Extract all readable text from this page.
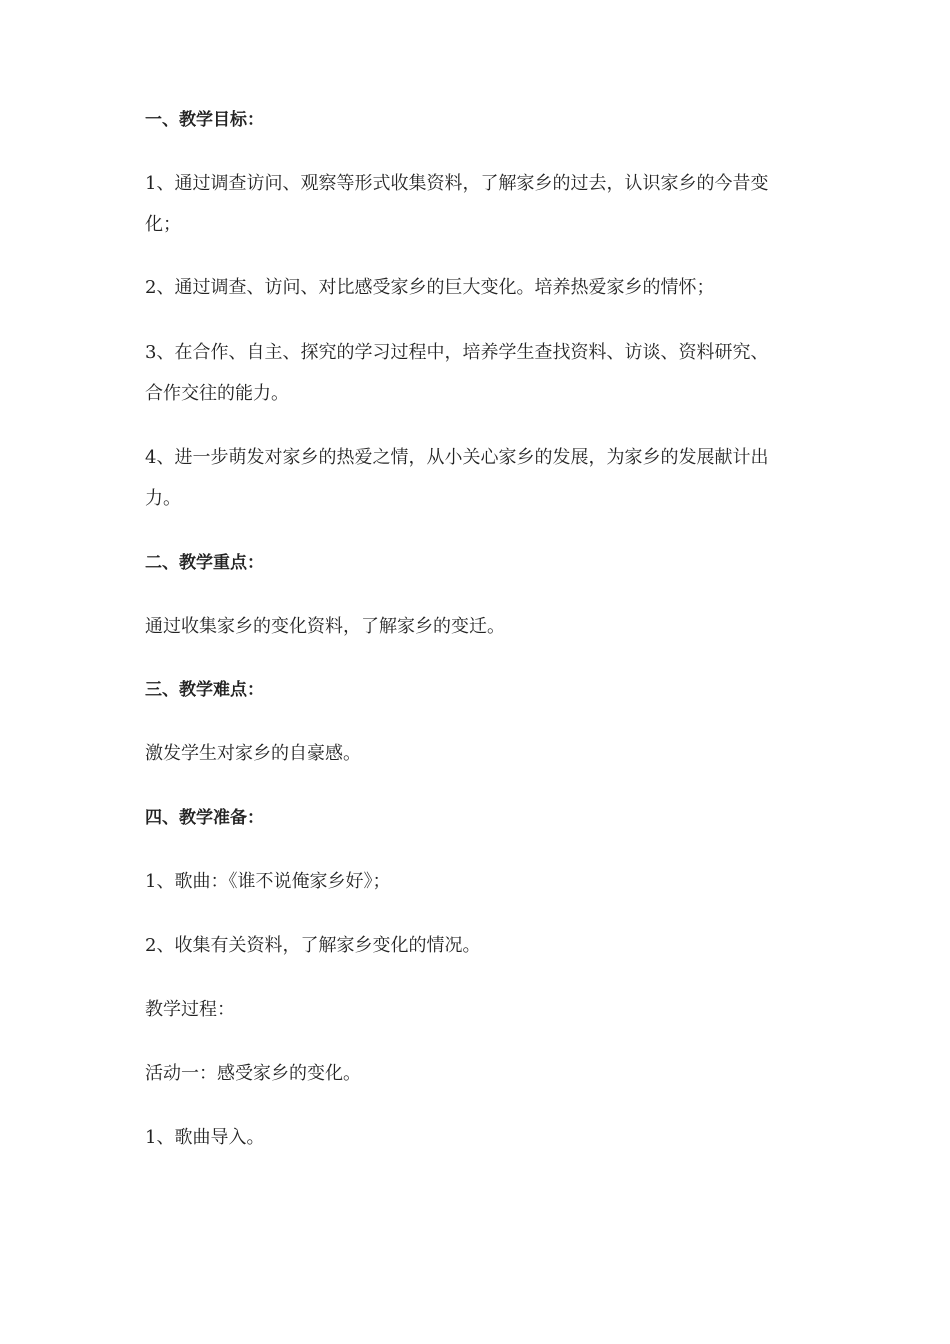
一、教学目标：

1、通过调查访问、观察等形式收集资料，了解家乡的过去，认识家乡的今昔变

化；

2、通过调查、访问、对比感受家乡的巨大变化。培养热爱家乡的情怀；

3、在合作、自主、探究的学习过程中，培养学生查找资料、访谈、资料研究、

合作交往的能力。

4、进一步萌发对家乡的热爱之情，从小关心家乡的发展，为家乡的发展献计出

力。

二、教学重点：

通过收集家乡的变化资料，了解家乡的变迁。

三、教学难点：

激发学生对家乡的自豪感。

四、教学准备：

1、歌曲：《谁不说俺家乡好》；

2、收集有关资料，了解家乡变化的情况。

教学过程：

活动一：感受家乡的变化。

1、歌曲导入。
